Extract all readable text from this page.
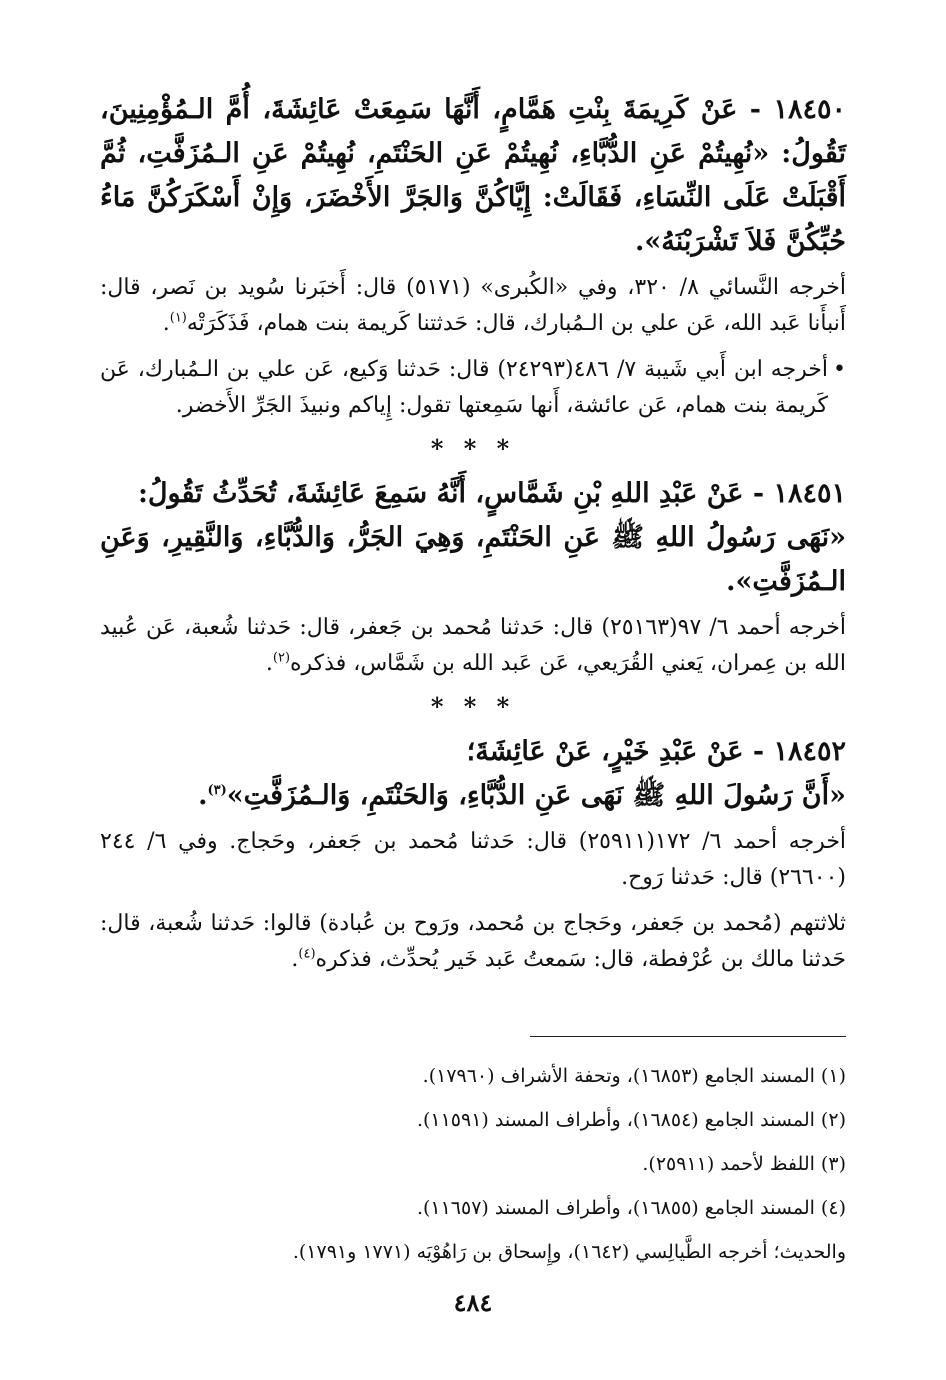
١٨٤٥٠ - عَنْ كَرِيمَةَ بِنْتِ هَمَّامٍ، أَنَّهَا سَمِعَتْ عَائِشَةَ، أُمَّ الـمُؤْمِنِينَ، تَقُولُ: «نُهِيتُمْ عَنِ الدُّبَّاءِ، نُهِيتُمْ عَنِ الحَنْتَمِ، نُهِيتُمْ عَنِ الـمُزَفَّتِ، ثُمَّ أَقْبَلَتْ عَلَى النِّسَاءِ، فَقَالَتْ: إِيَّاكُنَّ وَالجَرَّ الأَخْضَرَ، وَإِنْ أَسْكَرَكُنَّ مَاءُ حُبِّكُنَّ فَلاَ تَشْرَبْنَهُ».

أخرجه النَّسائي ٨/ ٣٢٠، وفي «الكُبرى» (٥١٧١) قال: أَخبَرنا سُويد بن نَصر، قال: أَنبأَنا عَبد الله، عَن علي بن الـمُبارك، قال: حَدثتنا كَريمة بنت همام، فَذَكَرَتْه$^{(١)}$.

•
أخرجه ابن أَبي شَيبة ٧/ ٤٨٦(٢٤٢٩٣) قال: حَدثنا وَكيع، عَن علي بن الـمُبارك، عَن كَريمة بنت همام، عَن عائشة، أَنها سَمِعتها تقول: إِياكم ونبيذَ الجَرِّ الأَخضر.

* * *

١٨٤٥١ - عَنْ عَبْدِ اللهِ بْنِ شَمَّاسٍ، أَنَّهُ سَمِعَ عَائِشَةَ، تُحَدِّثُ تَقُولُ:
«نَهَى رَسُولُ اللهِ ﷺ عَنِ الحَنْتَمِ، وَهِيَ الجَرُّ، وَالدُّبَّاءِ، وَالنَّقِيرِ، وَعَنِ الـمُزَفَّتِ».

أخرجه أحمد ٦/ ٩٧(٢٥١٦٣) قال: حَدثنا مُحمد بن جَعفر، قال: حَدثنا شُعبة، عَن عُبيد الله بن عِمران، يَعني القُرَيعي، عَن عَبد الله بن شَمَّاس، فذكره$^{(٢)}$.

* * *

١٨٤٥٢ - عَنْ عَبْدِ خَيْرٍ، عَنْ عَائِشَةَ؛
«أَنَّ رَسُولَ اللهِ ﷺ نَهَى عَنِ الدُّبَّاءِ، وَالحَنْتَمِ، وَالـمُزَفَّتِ»$^{(٣)}$.

أخرجه أحمد ٦/ ١٧٢(٢٥٩١١) قال: حَدثنا مُحمد بن جَعفر، وحَجاج. وفي ٦/ ٢٤٤ (٢٦٦٠٠) قال: حَدثنا رَوح.

ثلاثتهم (مُحمد بن جَعفر، وحَجاج بن مُحمد، ورَوح بن عُبادة) قالوا: حَدثنا شُعبة، قال: حَدثنا مالك بن عُرْفطة، قال: سَمعتُ عَبد خَير يُحدِّث، فذكره$^{(٤)}$.

(١) المسند الجامع (١٦٨٥٣)، وتحفة الأشراف (١٧٩٦٠).
(٢) المسند الجامع (١٦٨٥٤)، وأطراف المسند (١١٥٩١).
(٣) اللفظ لأحمد (٢٥٩١١).
(٤) المسند الجامع (١٦٨٥٥)، وأطراف المسند (١١٦٥٧).
والحديث؛ أخرجه الطَّيالِسي (١٦٤٢)، وإِسحاق بن رَاهُوْيَه (١٧٧١ و١٧٩١).
٤٨٤
